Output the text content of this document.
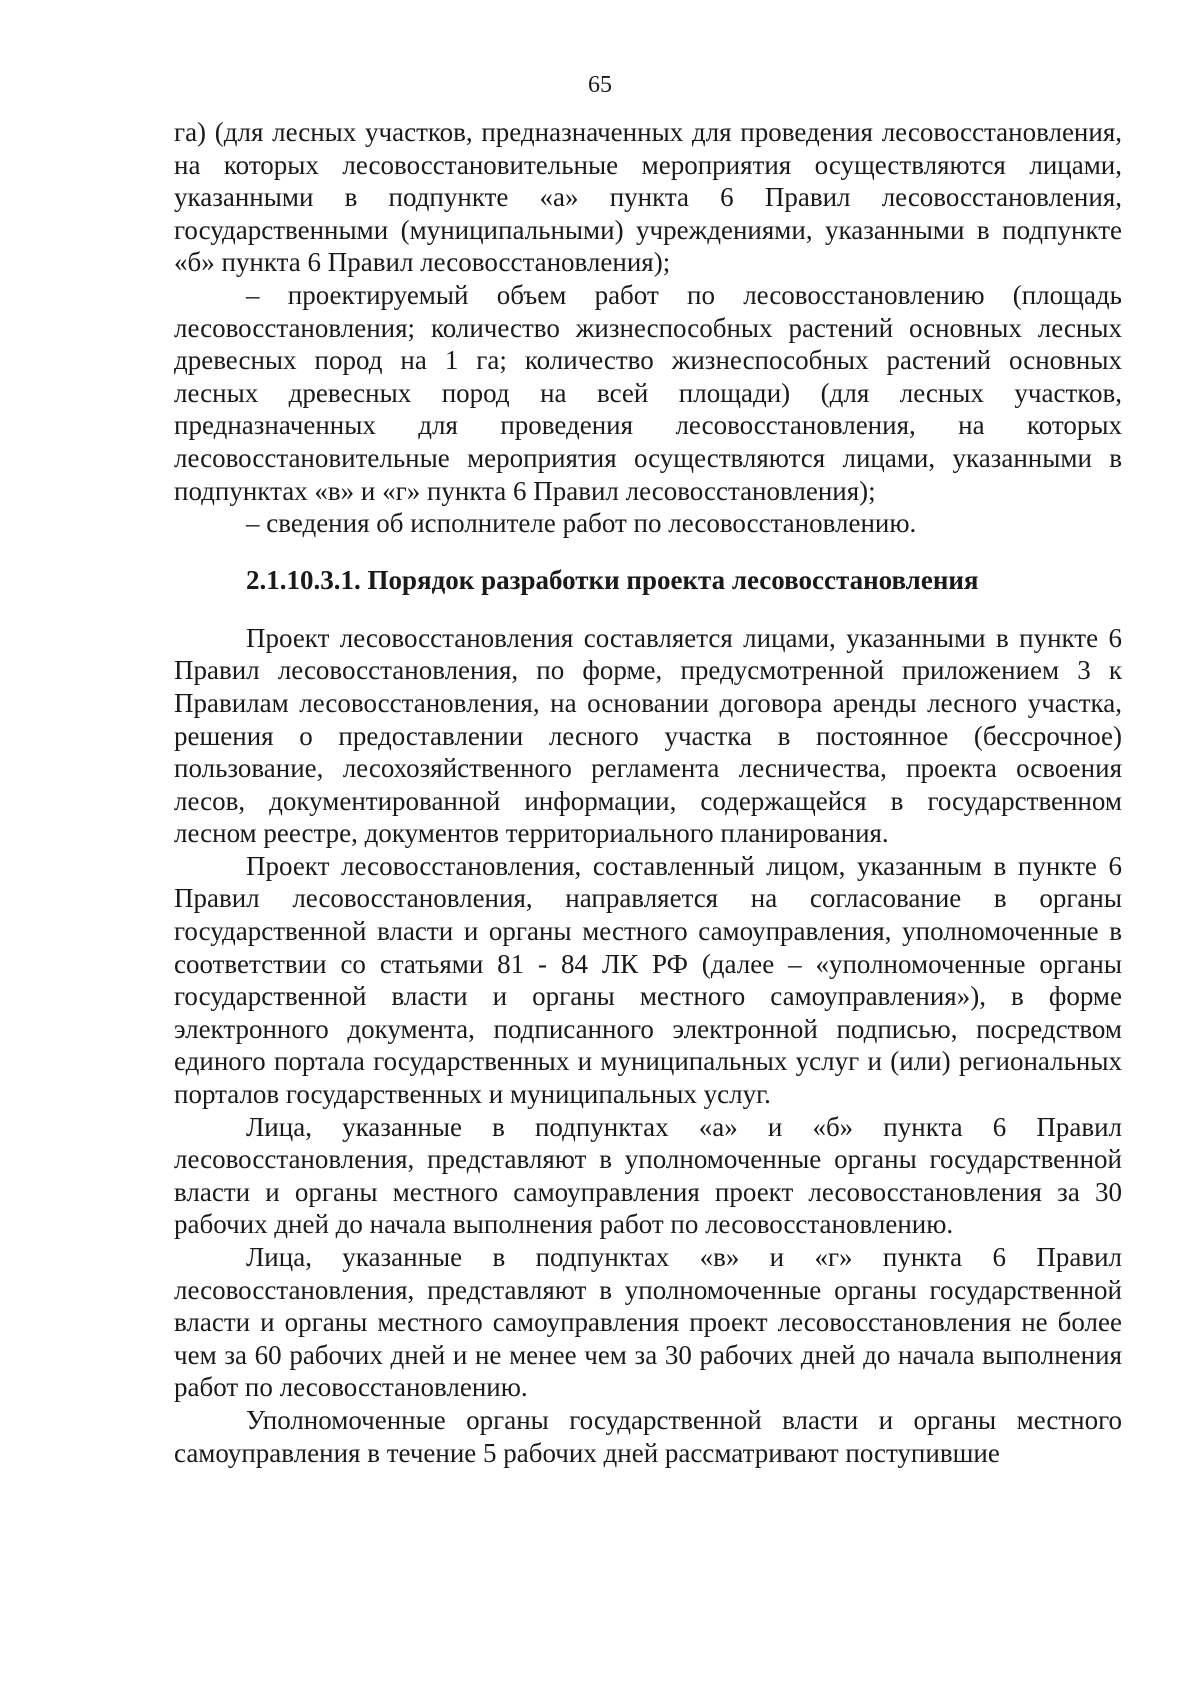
65

га) (для лесных участков, предназначенных для проведения лесовосстановления, на которых лесовосстановительные мероприятия осуществляются лицами, указанными в подпункте «а» пункта 6 Правил лесовосстановления, государственными (муниципальными) учреждениями, указанными в подпункте «б» пункта 6 Правил лесовосстановления);

– проектируемый объем работ по лесовосстановлению (площадь лесовосстановления; количество жизнеспособных растений основных лесных древесных пород на 1 га; количество жизнеспособных растений основных лесных древесных пород на всей площади) (для лесных участков, предназначенных для проведения лесовосстановления, на которых лесовосстановительные мероприятия осуществляются лицами, указанными в подпунктах «в» и «г» пункта 6 Правил лесовосстановления);

– сведения об исполнителе работ по лесовосстановлению.

2.1.10.3.1. Порядок разработки проекта лесовосстановления

Проект лесовосстановления составляется лицами, указанными в пункте 6 Правил лесовосстановления, по форме, предусмотренной приложением 3 к Правилам лесовосстановления, на основании договора аренды лесного участка, решения о предоставлении лесного участка в постоянное (бессрочное) пользование, лесохозяйственного регламента лесничества, проекта освоения лесов, документированной информации, содержащейся в государственном лесном реестре, документов территориального планирования.

Проект лесовосстановления, составленный лицом, указанным в пункте 6 Правил лесовосстановления, направляется на согласование в органы государственной власти и органы местного самоуправления, уполномоченные в соответствии со статьями 81 - 84 ЛК РФ (далее – «уполномоченные органы государственной власти и органы местного самоуправления»), в форме электронного документа, подписанного электронной подписью, посредством единого портала государственных и муниципальных услуг и (или) региональных порталов государственных и муниципальных услуг.

Лица, указанные в подпунктах «а» и «б» пункта 6 Правил лесовосстановления, представляют в уполномоченные органы государственной власти и органы местного самоуправления проект лесовосстановления за 30 рабочих дней до начала выполнения работ по лесовосстановлению.

Лица, указанные в подпунктах «в» и «г» пункта 6 Правил лесовосстановления, представляют в уполномоченные органы государственной власти и органы местного самоуправления проект лесовосстановления не более чем за 60 рабочих дней и не менее чем за 30 рабочих дней до начала выполнения работ по лесовосстановлению.

Уполномоченные органы государственной власти и органы местного самоуправления в течение 5 рабочих дней рассматривают поступившие
